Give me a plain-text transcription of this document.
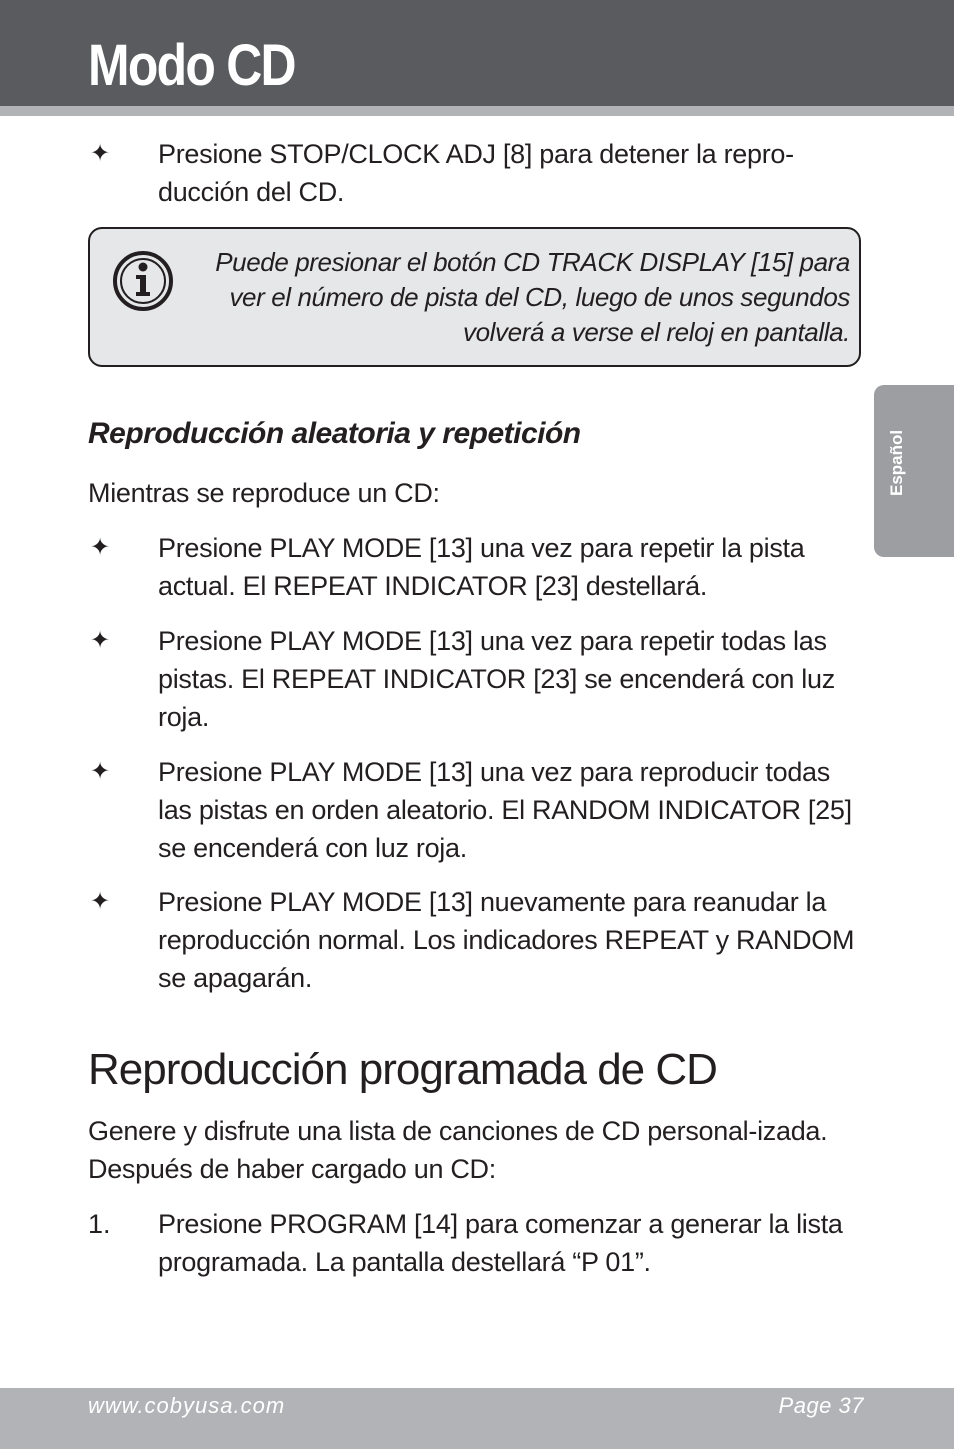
Modo CD
Español
✦ Presione STOP/CLOCK ADJ [8] para detener la repro-ducción del CD.

Puede presionar el botón CD TRACK DISPLAY [15] para ver el número de pista del CD, luego de unos segundos volverá a verse el reloj en pantalla.

Reproducción aleatoria y repetición

Mientras se reproduce un CD:

✦ Presione PLAY MODE [13] una vez para repetir la pista actual. El REPEAT INDICATOR [23] destellará.

✦ Presione PLAY MODE [13] una vez para repetir todas las pistas. El REPEAT INDICATOR [23] se encenderá con luz roja.

✦ Presione PLAY MODE [13] una vez para reproducir todas las pistas en orden aleatorio. El RANDOM INDICATOR [25] se encenderá con luz roja.

✦ Presione PLAY MODE [13] nuevamente para reanudar la reproducción normal. Los indicadores REPEAT y RANDOM se apagarán.

Reproducción programada de CD

Genere y disfrute una lista de canciones de CD personal-izada. Después de haber cargado un CD:

1. Presione PROGRAM [14] para comenzar a generar la lista programada. La pantalla destellará “P 01”.

www.cobyusa.com	Page 37
